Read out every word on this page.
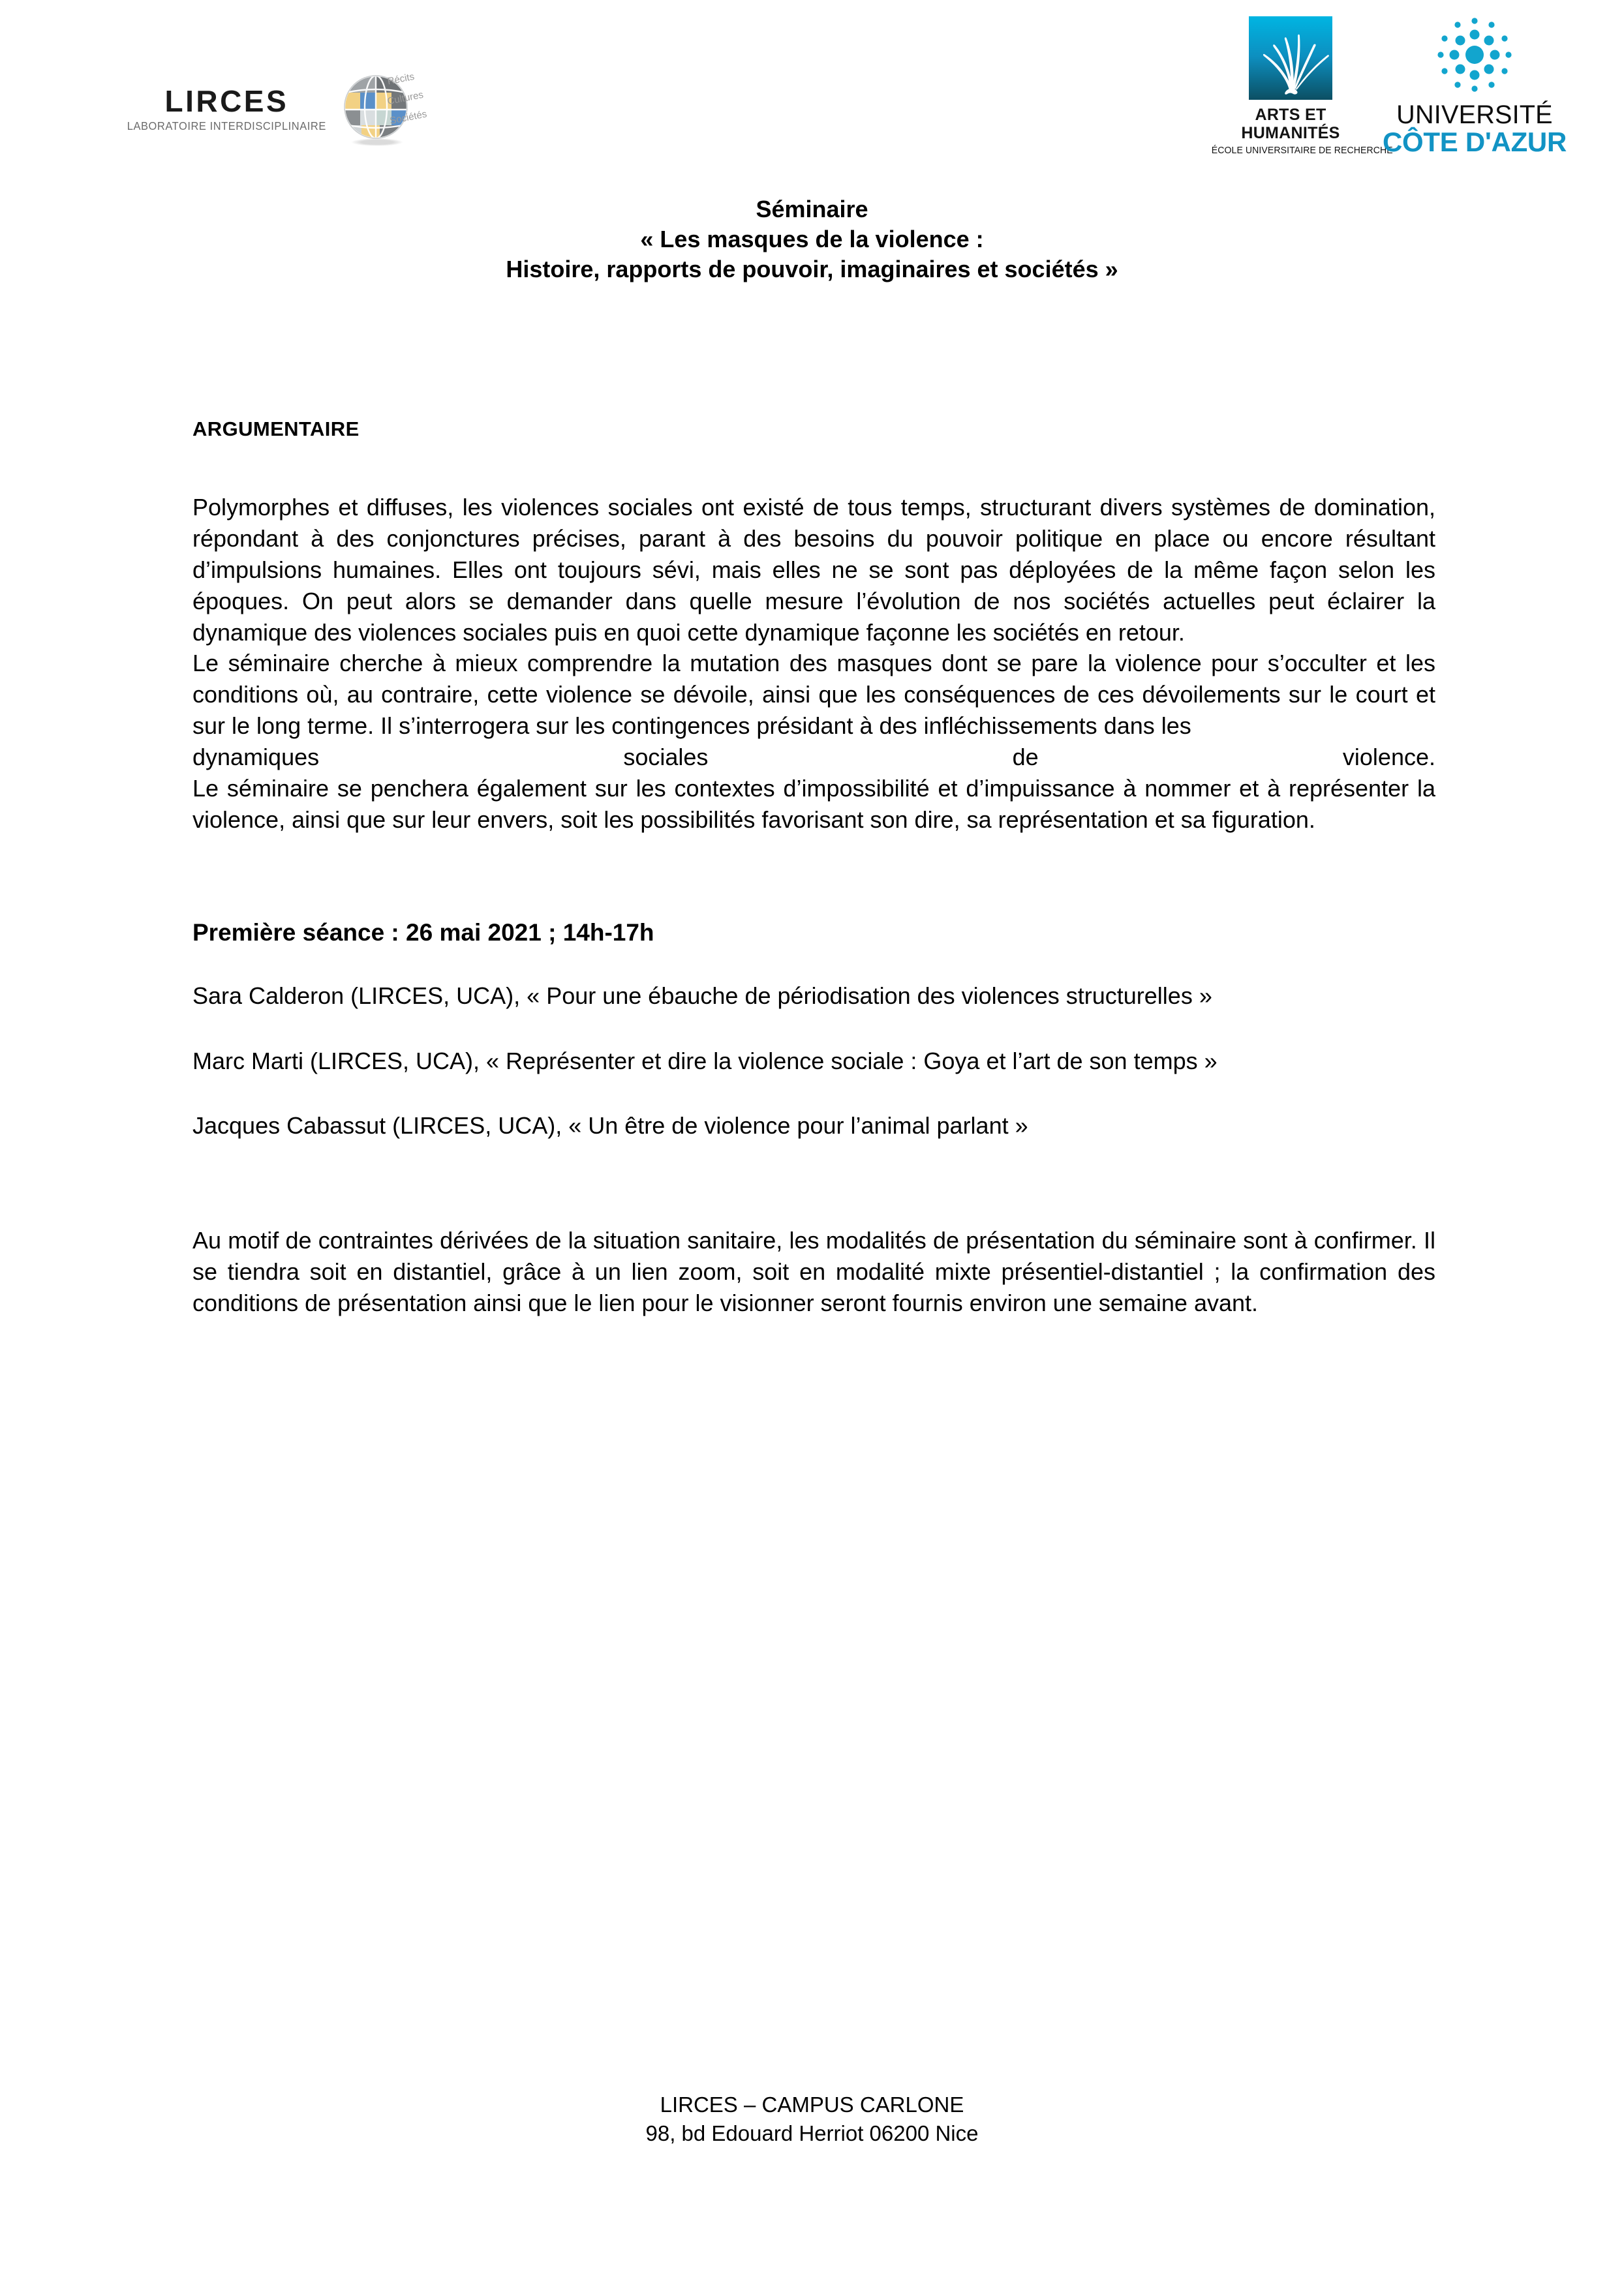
LIRCES
LABORATOIRE INTERDISCIPLINAIRE
Récits
Cultures
Sociétés	ARTS ET
HUMANITÉS
ÉCOLE UNIVERSITAIRE DE RECHERCHE
UNIVERSITÉ
CÔTE D'AZUR
Séminaire
« Les masques de la violence :
Histoire, rapports de pouvoir, imaginaires et sociétés »
ARGUMENTAIRE

Polymorphes et diffuses, les violences sociales ont existé de tous temps, structurant divers systèmes de domination, répondant à des conjonctures précises, parant à des besoins du pouvoir politique en place ou encore résultant d’impulsions humaines. Elles ont toujours sévi, mais elles ne se sont pas déployées de la même façon selon les époques. On peut alors se demander dans quelle mesure l’évolution de nos sociétés actuelles peut éclairer la dynamique des violences sociales puis en quoi cette dynamique façonne les sociétés en retour.

Le séminaire cherche à mieux comprendre la mutation des masques dont se pare la violence pour s’occulter et les conditions où, au contraire, cette violence se dévoile, ainsi que les conséquences de ces dévoilements sur le court et sur le long terme. Il s’interrogera sur les contingences présidant à des infléchissements dans les

dynamiques sociales de violence.

Le séminaire se penchera également sur les contextes d’impossibilité et d’impuissance à nommer et à représenter la violence, ainsi que sur leur envers, soit les possibilités favorisant son dire, sa représentation et sa figuration.

Première séance : 26 mai 2021 ; 14h-17h

Sara Calderon (LIRCES, UCA), « Pour une ébauche de périodisation des violences structurelles »

Marc Marti (LIRCES, UCA), « Représenter et dire la violence sociale : Goya et l’art de son temps »

Jacques Cabassut (LIRCES, UCA), « Un être de violence pour l’animal parlant »

Au motif de contraintes dérivées de la situation sanitaire, les modalités de présentation du séminaire sont à confirmer. Il se tiendra soit en distantiel, grâce à un lien zoom, soit en modalité mixte présentiel-distantiel ; la confirmation des conditions de présentation ainsi que le lien pour le visionner seront fournis environ une semaine avant.

LIRCES – CAMPUS CARLONE
98, bd Edouard Herriot 06200 Nice
